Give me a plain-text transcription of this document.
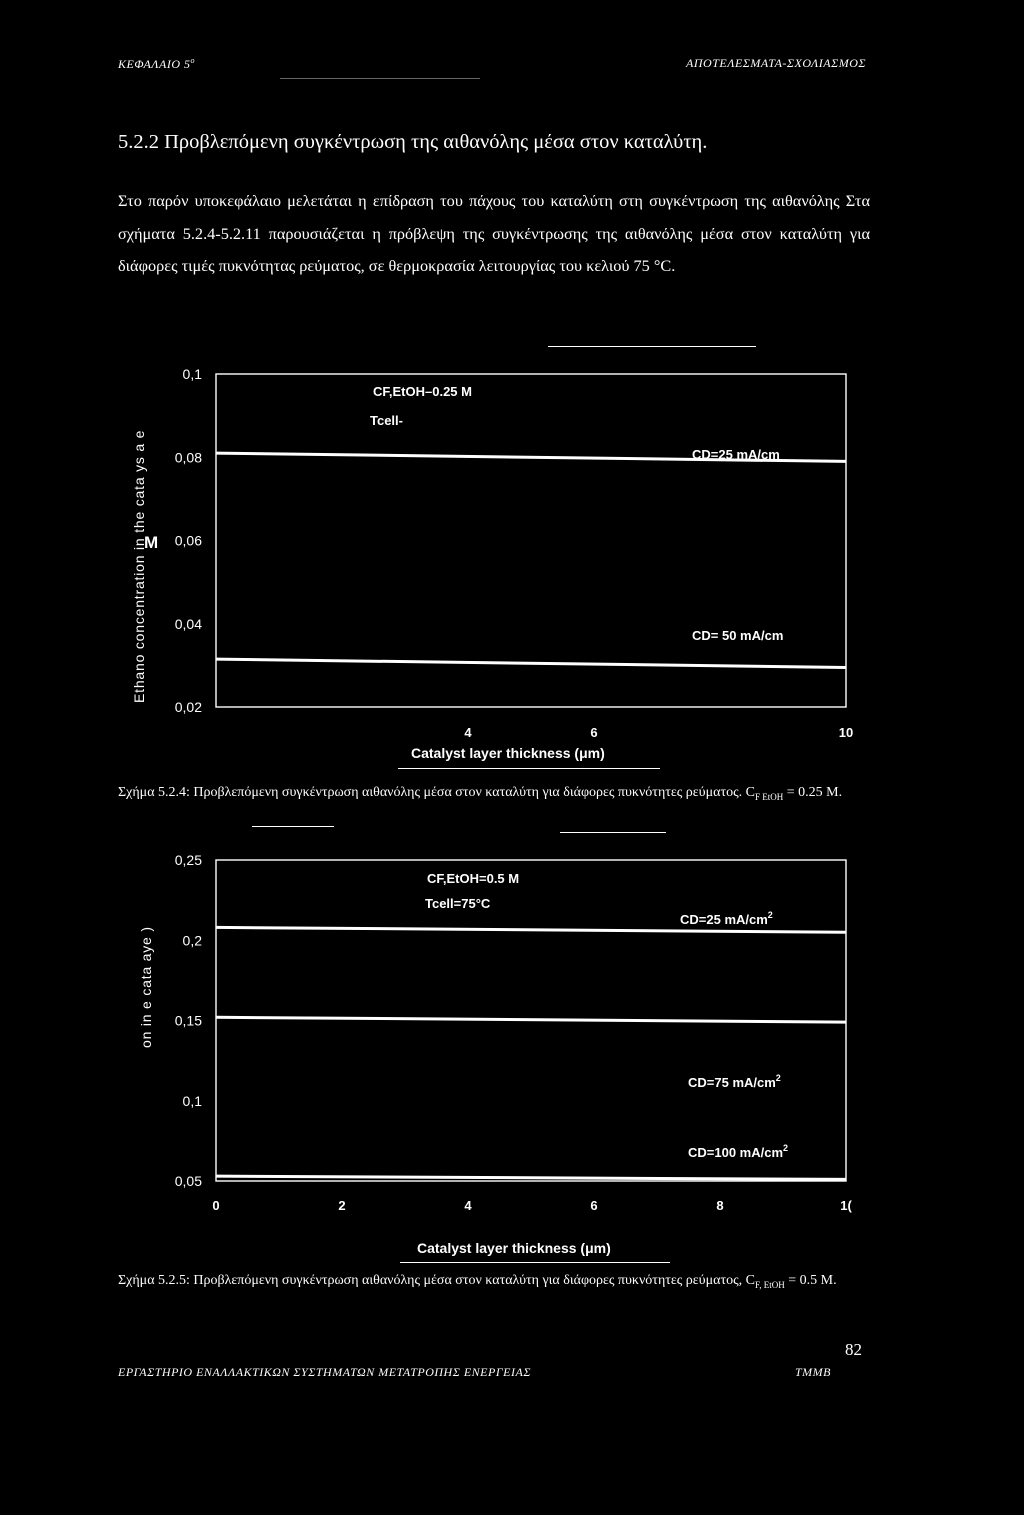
ΚΕΦΑΛΑΙΟ $5^o$	ΑΠΟΤΕΛΕΣΜΑΤΑ-ΣΧΟΛΙΑΣΜΟΣ
5.2.2 Προβλεπόμενη συγκέντρωση της αιθανόλης μέσα στον καταλύτη.
Στο παρόν υποκεφάλαιο μελετάται η επίδραση του πάχους του καταλύτη στη συγκέντρωση της αιθανόλης Στα σχήματα 5.2.4-5.2.11 παρουσιάζεται η πρόβλεψη της συγκέντρωσης της αιθανόλης μέσα στον καταλύτη για διάφορες τιμές πυκνότητας ρεύματος, σε θερμοκρασία λειτουργίας του κελιού 75 °C.
0,1
0,08
0,06
0,04
0,02
4	6	10
CD=25 mA/cm
CD= 50 mA/cm
Ethano concentration in the cata ys a e
M
CF,EtOH–0.25 M
Tcell-
Catalyst layer thickness (μm)
Σχήμα 5.2.4: Προβλεπόμενη συγκέντρωση αιθανόλης μέσα στον καταλύτη για διάφορες πυκνότητες ρεύματος. $C_{F EtOH} = 0.25$ M.
0,25
0,2
0,15
0,1
0,05
0	2	4	6	8	1(
CD=25 $mA/cm^2$
CD=75 $mA/cm^2$
CD=100 $mA/cm^2$
on in e cata aye )
CF,EtOH=0.5 M
Tcell=75°C
Catalyst layer thickness (μm)
Σχήμα 5.2.5: Προβλεπόμενη συγκέντρωση αιθανόλης μέσα στον καταλύτη για διάφορες πυκνότητες ρεύματος, $C_{F, EtOH} = 0.5$ M.
82
ΕΡΓΑΣΤΗΡΙΟ ΕΝΑΛΛΑΚΤΙΚΩΝ ΣΥΣΤΗΜΑΤΩΝ ΜΕΤΑΤΡΟΠΗΣ ΕΝΕΡΓΕΙΑΣ	ΤΜΜΒ
